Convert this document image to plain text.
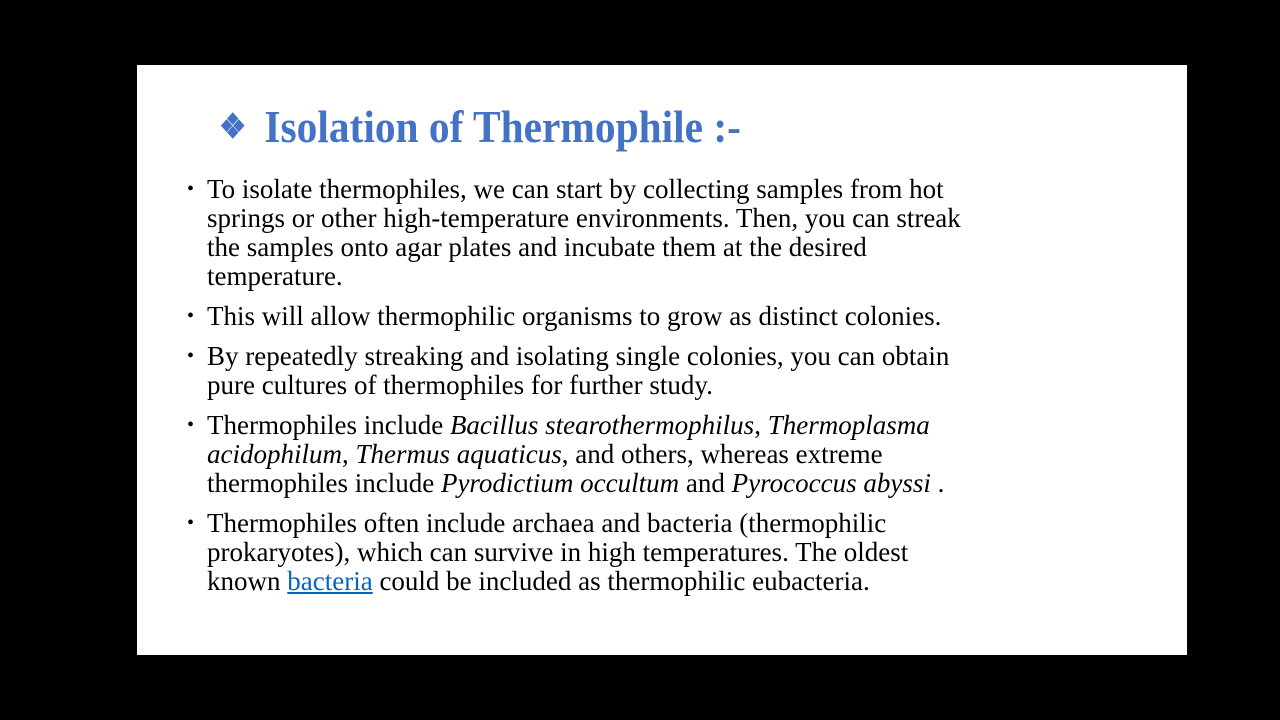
❖ Isolation of Thermophile :-
• To isolate thermophiles, we can start by collecting samples from hot
springs or other high-temperature environments. Then, you can streak
the samples onto agar plates and incubate them at the desired
temperature.
• This will allow thermophilic organisms to grow as distinct colonies.
• By repeatedly streaking and isolating single colonies, you can obtain
pure cultures of thermophiles for further study.
• Thermophiles include Bacillus stearothermophilus, Thermoplasma
acidophilum, Thermus aquaticus, and others, whereas extreme
thermophiles include Pyrodictium occultum and Pyrococcus abyssi .
• Thermophiles often include archaea and bacteria (thermophilic
prokaryotes), which can survive in high temperatures. The oldest
known bacteria could be included as thermophilic eubacteria.
